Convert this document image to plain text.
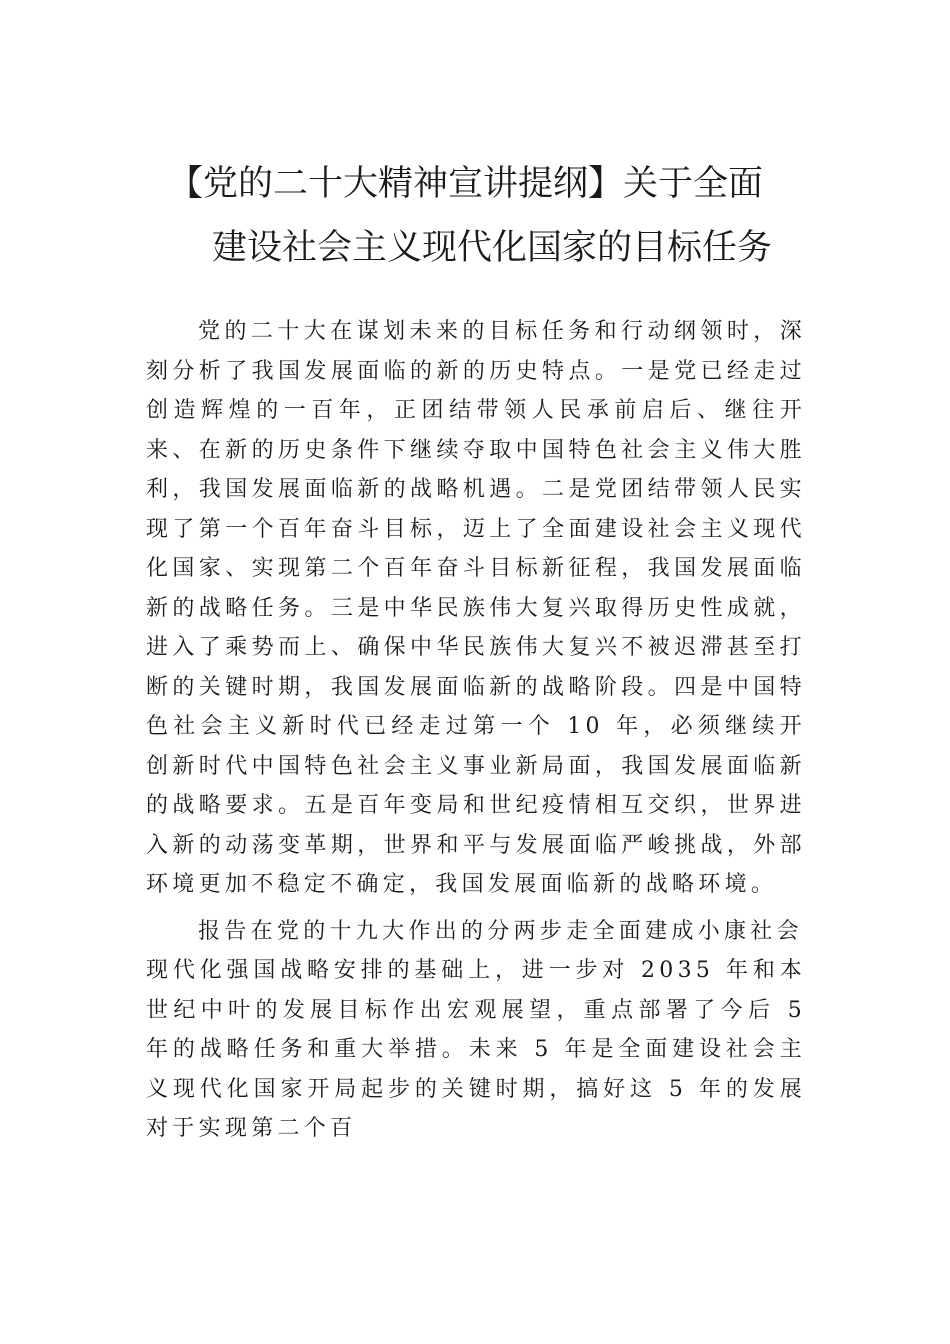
【党的二十大精神宣讲提纲】关于全面
建设社会主义现代化国家的目标任务
党的二十大在谋划未来的目标任务和行动纲领时，深刻分析了我国发展面临的新的历史特点。一是党已经走过创造辉煌的一百年，正团结带领人民承前启后、继往开来、在新的历史条件下继续夺取中国特色社会主义伟大胜利，我国发展面临新的战略机遇。二是党团结带领人民实现了第一个百年奋斗目标，迈上了全面建设社会主义现代化国家、实现第二个百年奋斗目标新征程，我国发展面临新的战略任务。三是中华民族伟大复兴取得历史性成就，进入了乘势而上、确保中华民族伟大复兴不被迟滞甚至打断的关键时期，我国发展面临新的战略阶段。四是中国特色社会主义新时代已经走过第一个 10 年，必须继续开创新时代中国特色社会主义事业新局面，我国发展面临新的战略要求。五是百年变局和世纪疫情相互交织，世界进入新的动荡变革期，世界和平与发展面临严峻挑战，外部环境更加不稳定不确定，我国发展面临新的战略环境。
报告在党的十九大作出的分两步走全面建成小康社会
现代化强国战略安排的基础上，进一步对 2035 年和本世纪中叶的发展目标作出宏观展望，重点部署了今后 5 年的战略任务和重大举措。未来 5 年是全面建设社会主义现代化国家开局起步的关键时期，搞好这 5 年的发展对于实现第二个百
